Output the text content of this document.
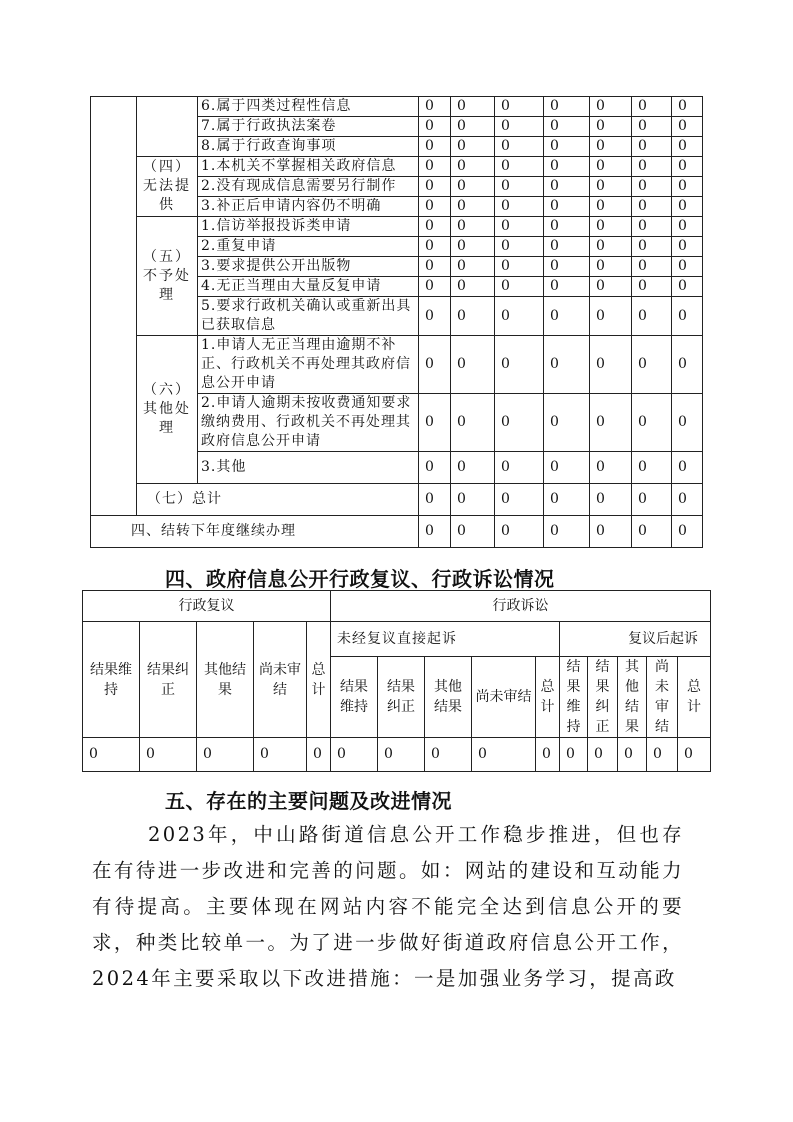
		6.属于四类过程性信息	0	0	0	0	0	0	0
		7.属于行政执法案卷	0	0	0	0	0	0	0
		8.属于行政查询事项	0	0	0	0	0	0	0
	（四）无法提供	1.本机关不掌握相关政府信息	0	0	0	0	0	0	0
		2.没有现成信息需要另行制作	0	0	0	0	0	0	0
		3.补正后申请内容仍不明确	0	0	0	0	0	0	0
	（五）不予处理	1.信访举报投诉类申请	0	0	0	0	0	0	0
		2.重复申请	0	0	0	0	0	0	0
		3.要求提供公开出版物	0	0	0	0	0	0	0
		4.无正当理由大量反复申请	0	0	0	0	0	0	0
		5.要求行政机关确认或重新出具已获取信息	0	0	0	0	0	0	0
	（六）其他处理	1.申请人无正当理由逾期不补正、行政机关不再处理其政府信息公开申请	0	0	0	0	0	0	0
		2.申请人逾期未按收费通知要求缴纳费用、行政机关不再处理其政府信息公开申请	0	0	0	0	0	0	0
		3.其他	0	0	0	0	0	0	0
	（七）总计		0	0	0	0	0	0	0
四、结转下年度继续办理			0	0	0	0	0	0	0
四、政府信息公开行政复议、行政诉讼情况
行政复议					行政诉讼									
结果维持	结果纠正	其他结果	尚未审结	总计	未经复议直接起诉					复议后起诉				
					结果维持	结果纠正	其他结果	尚未审结	总计	结果维持	结果纠正	其他结果	尚未审结	总计
0	0	0	0	0	0	0	0	0	0	0	0	0	0	0
五、存在的主要问题及改进情况
2023年，中山路街道信息公开工作稳步推进，但也存在有待进一步改进和完善的问题。如：网站的建设和互动能力有待提高。主要体现在网站内容不能完全达到信息公开的要求，种类比较单一。为了进一步做好街道政府信息公开工作，2024年主要采取以下改进措施：一是加强业务学习，提高政
